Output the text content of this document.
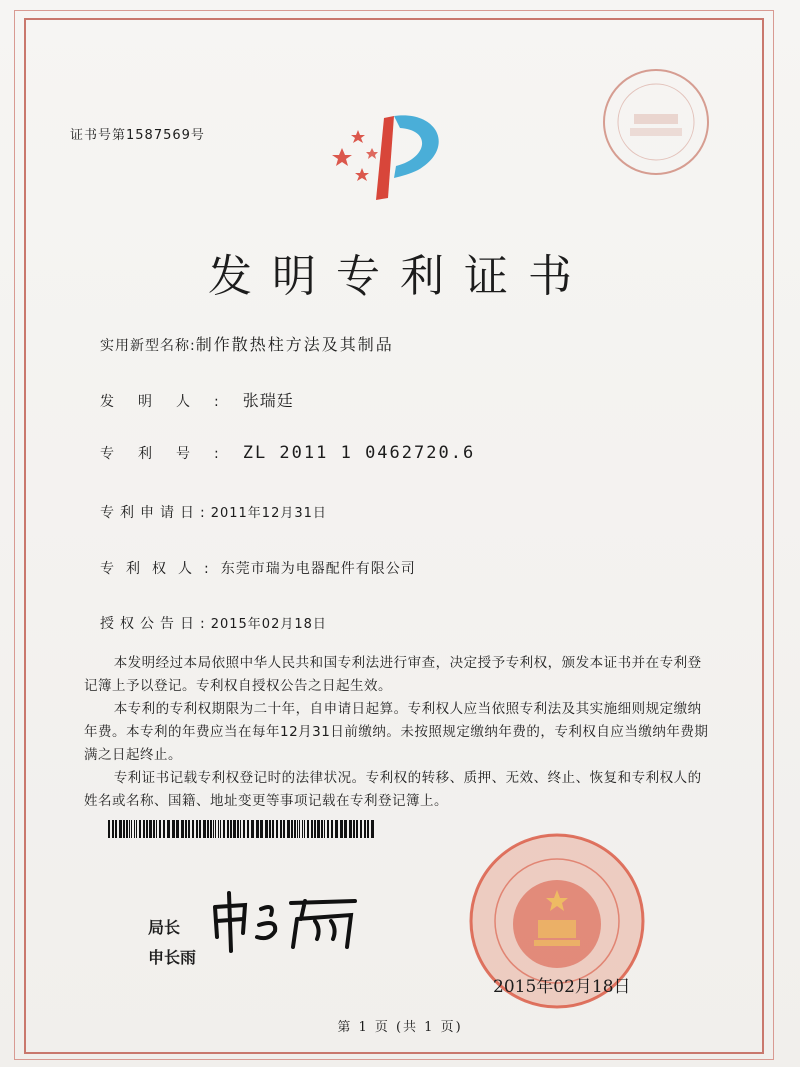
证书号第1587569号
发明专利证书
实用新型名称:制作散热柱方法及其制品
发明人:张瑞廷
专利号:ZL 2011 1 0462720.6
专利申请日:2011年12月31日
专利权人:东莞市瑞为电器配件有限公司
授权公告日:2015年02月18日

本发明经过本局依照中华人民共和国专利法进行审查，决定授予专利权，颁发本证书并在专利登记簿上予以登记。专利权自授权公告之日起生效。

本专利的专利权期限为二十年，自申请日起算。专利权人应当依照专利法及其实施细则规定缴纳年费。本专利的年费应当在每年12月31日前缴纳。未按照规定缴纳年费的，专利权自应当缴纳年费期满之日起终止。

专利证书记载专利权登记时的法律状况。专利权的转移、质押、无效、终止、恢复和专利权人的姓名或名称、国籍、地址变更等事项记载在专利登记簿上。

局长
申长雨
2015年02月18日
第 1 页 (共 1 页)
